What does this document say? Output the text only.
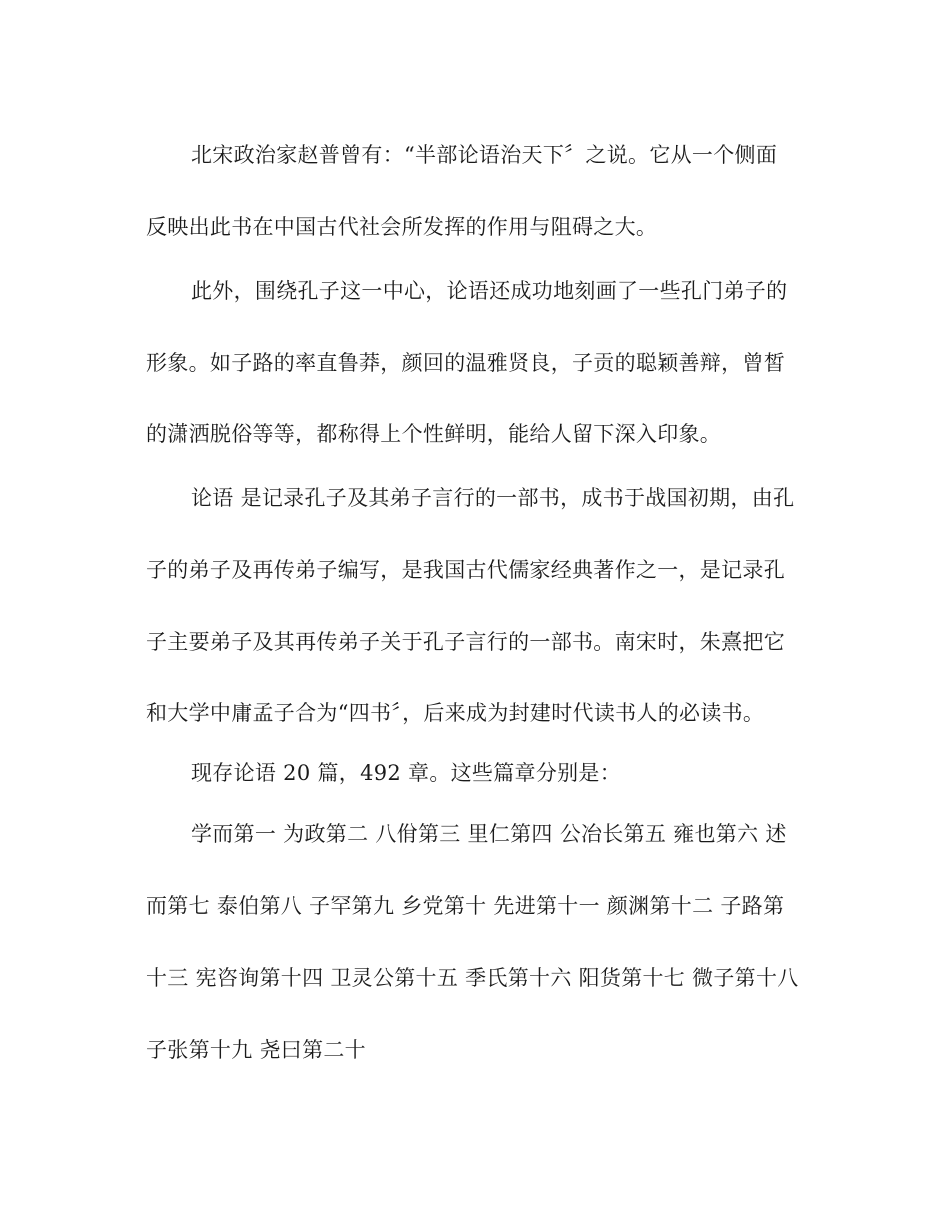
北宋政治家赵普曾有：“半部论语治天下〞之说。它从一个侧面
反映出此书在中国古代社会所发挥的作用与阻碍之大。
此外，围绕孔子这一中心，论语还成功地刻画了一些孔门弟子的
形象。如子路的率直鲁莽，颜回的温雅贤良，子贡的聪颖善辩，曾皙
的潇洒脱俗等等，都称得上个性鲜明，能给人留下深入印象。
论语 是记录孔子及其弟子言行的一部书，成书于战国初期，由孔
子的弟子及再传弟子编写，是我国古代儒家经典著作之一，是记录孔
子主要弟子及其再传弟子关于孔子言行的一部书。南宋时，朱熹把它
和大学中庸孟子合为“四书〞，后来成为封建时代读书人的必读书。
现存论语 20 篇，492 章。这些篇章分别是：
学而第一 为政第二 八佾第三 里仁第四 公冶长第五 雍也第六 述
而第七 泰伯第八 子罕第九 乡党第十 先进第十一 颜渊第十二 子路第
十三 宪咨询第十四 卫灵公第十五 季氏第十六 阳货第十七 微子第十八
子张第十九 尧曰第二十
